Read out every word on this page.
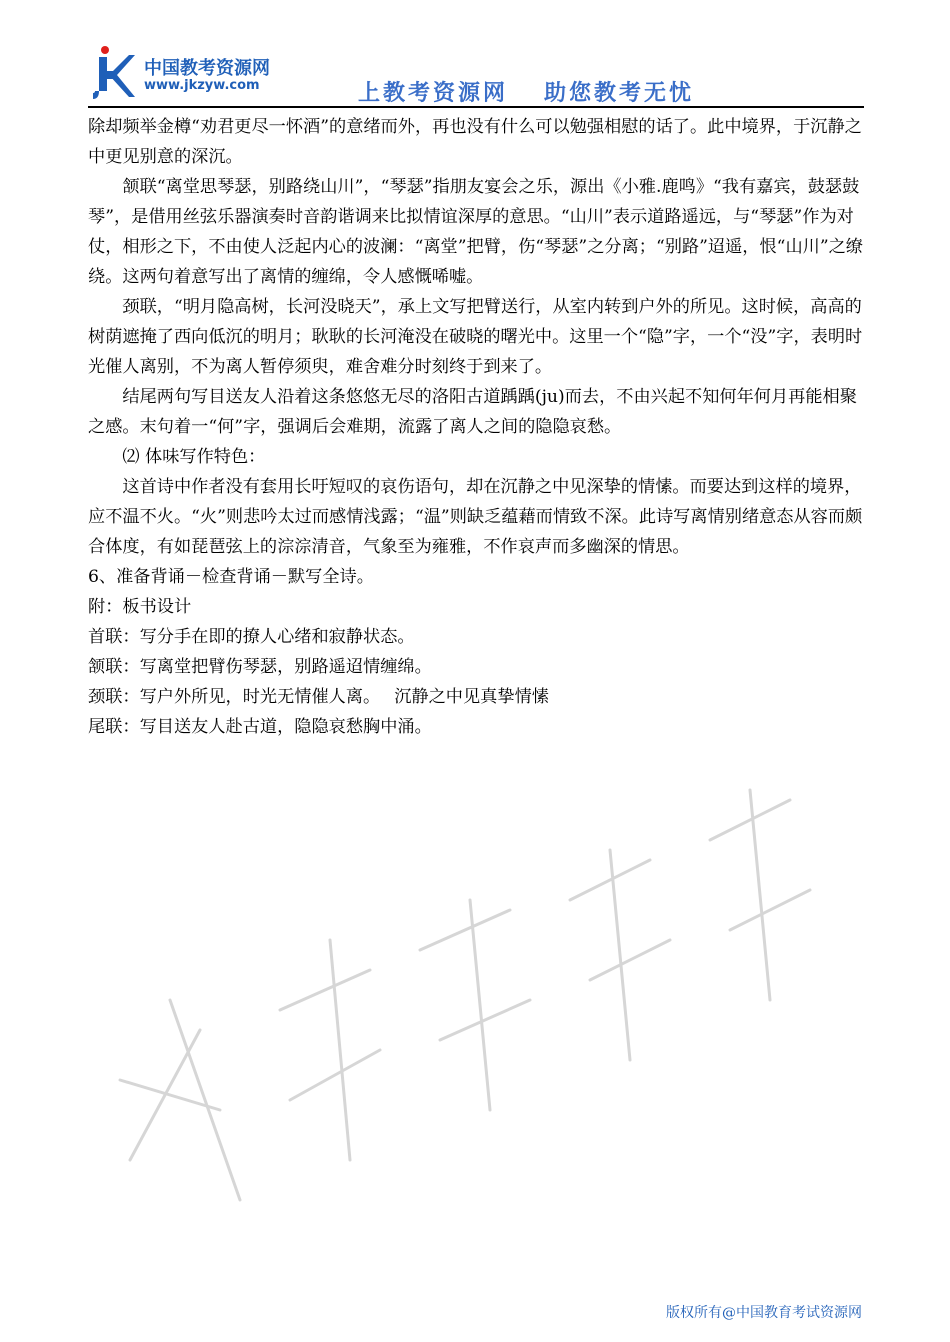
中国教考资源网
www.jkzyw.com	上教考资源网 助您教考无忧

除却频举金樽“劝君更尽一怀酒”的意绪而外，再也没有什么可以勉强相慰的话了。此中境界，于沉静之中更见别意的深沉。

颔联“离堂思琴瑟，别路绕山川”，“琴瑟”指朋友宴会之乐，源出《小雅.鹿鸣》“我有嘉宾，鼓瑟鼓琴”，是借用丝弦乐器演奏时音韵谐调来比拟情谊深厚的意思。“山川”表示道路遥远，与“琴瑟”作为对仗，相形之下，不由使人泛起内心的波澜：“离堂”把臂，伤“琴瑟”之分离；“别路”迢遥，恨“山川”之缭绕。这两句着意写出了离情的缠绵，令人感慨唏嘘。

颈联，“明月隐高树，长河没晓天”，承上文写把臂送行，从室内转到户外的所见。这时候，高高的树荫遮掩了西向低沉的明月；耿耿的长河淹没在破晓的曙光中。这里一个“隐”字，一个“没”字，表明时光催人离别，不为离人暂停须臾，难舍难分时刻终于到来了。

结尾两句写目送友人沿着这条悠悠无尽的洛阳古道踽踽(ju)而去，不由兴起不知何年何月再能相聚之感。末句着一“何”字，强调后会难期，流露了离人之间的隐隐哀愁。

⑵ 体味写作特色：

这首诗中作者没有套用长吁短叹的哀伤语句，却在沉静之中见深挚的情愫。而要达到这样的境界，应不温不火。“火”则悲吟太过而感情浅露；“温”则缺乏蕴藉而情致不深。此诗写离情别绪意态从容而颇合体度，有如琵琶弦上的淙淙清音，气象至为雍雅，不作哀声而多幽深的情思。

6、准备背诵－检查背诵－默写全诗。

附：板书设计

首联：写分手在即的撩人心绪和寂静状态。

颔联：写离堂把臂伤琴瑟，别路遥迢情缠绵。

颈联：写户外所见，时光无情催人离。　 沉静之中见真挚情愫

尾联：写目送友人赴古道，隐隐哀愁胸中涌。

版权所有@中国教育考试资源网
